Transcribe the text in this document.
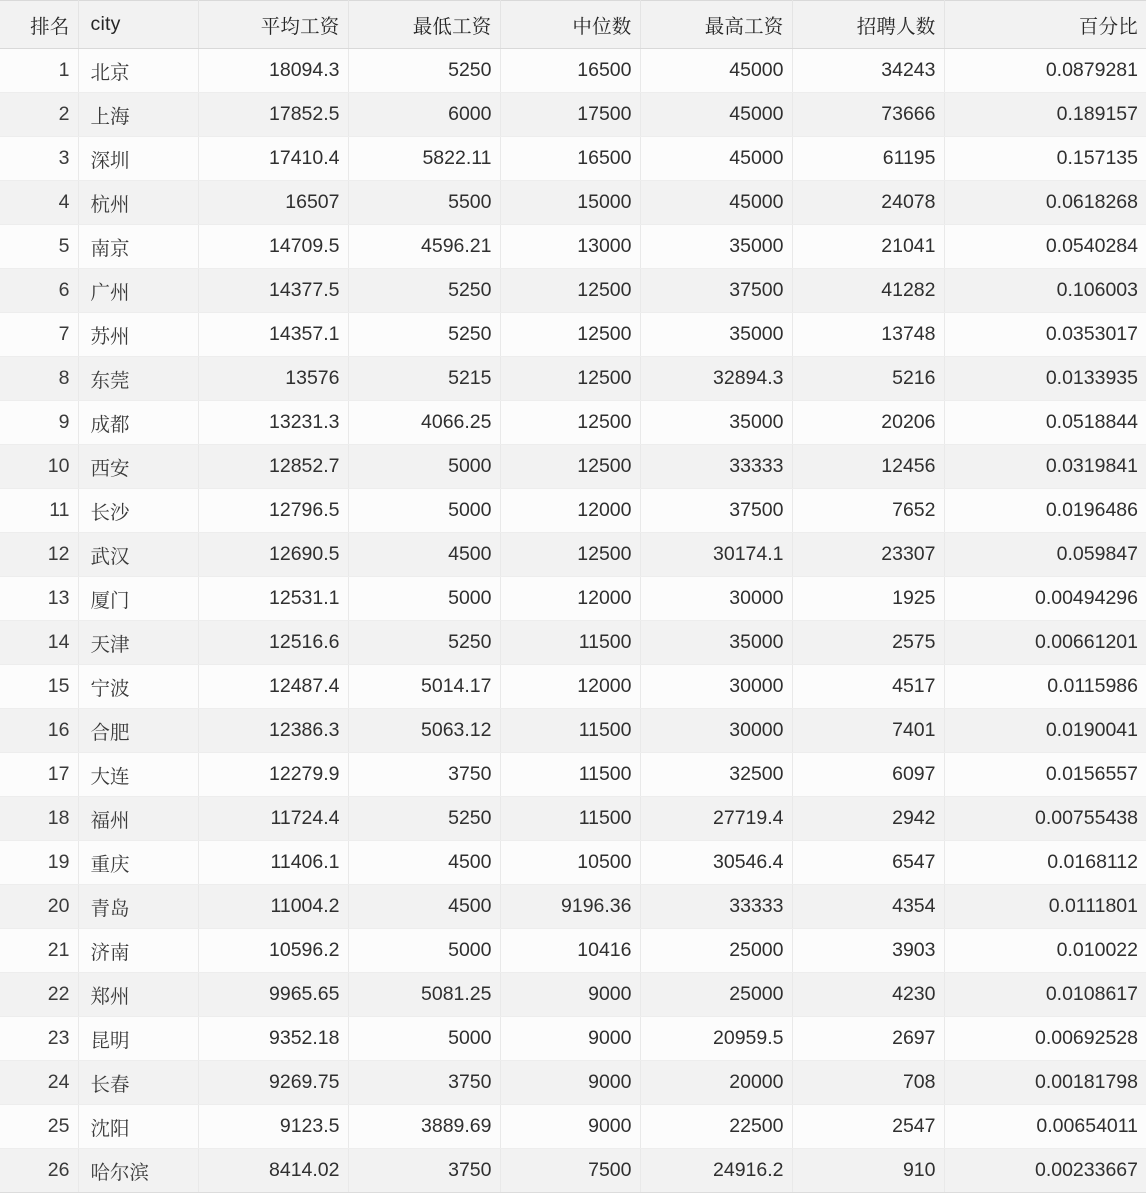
排名	city	平均工资	最低工资	中位数	最高工资	招聘人数	百分比
1	北京	18094.3	5250	16500	45000	34243	0.0879281
2	上海	17852.5	6000	17500	45000	73666	0.189157
3	深圳	17410.4	5822.11	16500	45000	61195	0.157135
4	杭州	16507	5500	15000	45000	24078	0.0618268
5	南京	14709.5	4596.21	13000	35000	21041	0.0540284
6	广州	14377.5	5250	12500	37500	41282	0.106003
7	苏州	14357.1	5250	12500	35000	13748	0.0353017
8	东莞	13576	5215	12500	32894.3	5216	0.0133935
9	成都	13231.3	4066.25	12500	35000	20206	0.0518844
10	西安	12852.7	5000	12500	33333	12456	0.0319841
11	长沙	12796.5	5000	12000	37500	7652	0.0196486
12	武汉	12690.5	4500	12500	30174.1	23307	0.059847
13	厦门	12531.1	5000	12000	30000	1925	0.00494296
14	天津	12516.6	5250	11500	35000	2575	0.00661201
15	宁波	12487.4	5014.17	12000	30000	4517	0.0115986
16	合肥	12386.3	5063.12	11500	30000	7401	0.0190041
17	大连	12279.9	3750	11500	32500	6097	0.0156557
18	福州	11724.4	5250	11500	27719.4	2942	0.00755438
19	重庆	11406.1	4500	10500	30546.4	6547	0.0168112
20	青岛	11004.2	4500	9196.36	33333	4354	0.0111801
21	济南	10596.2	5000	10416	25000	3903	0.010022
22	郑州	9965.65	5081.25	9000	25000	4230	0.0108617
23	昆明	9352.18	5000	9000	20959.5	2697	0.00692528
24	长春	9269.75	3750	9000	20000	708	0.00181798
25	沈阳	9123.5	3889.69	9000	22500	2547	0.00654011
26	哈尔滨	8414.02	3750	7500	24916.2	910	0.00233667
